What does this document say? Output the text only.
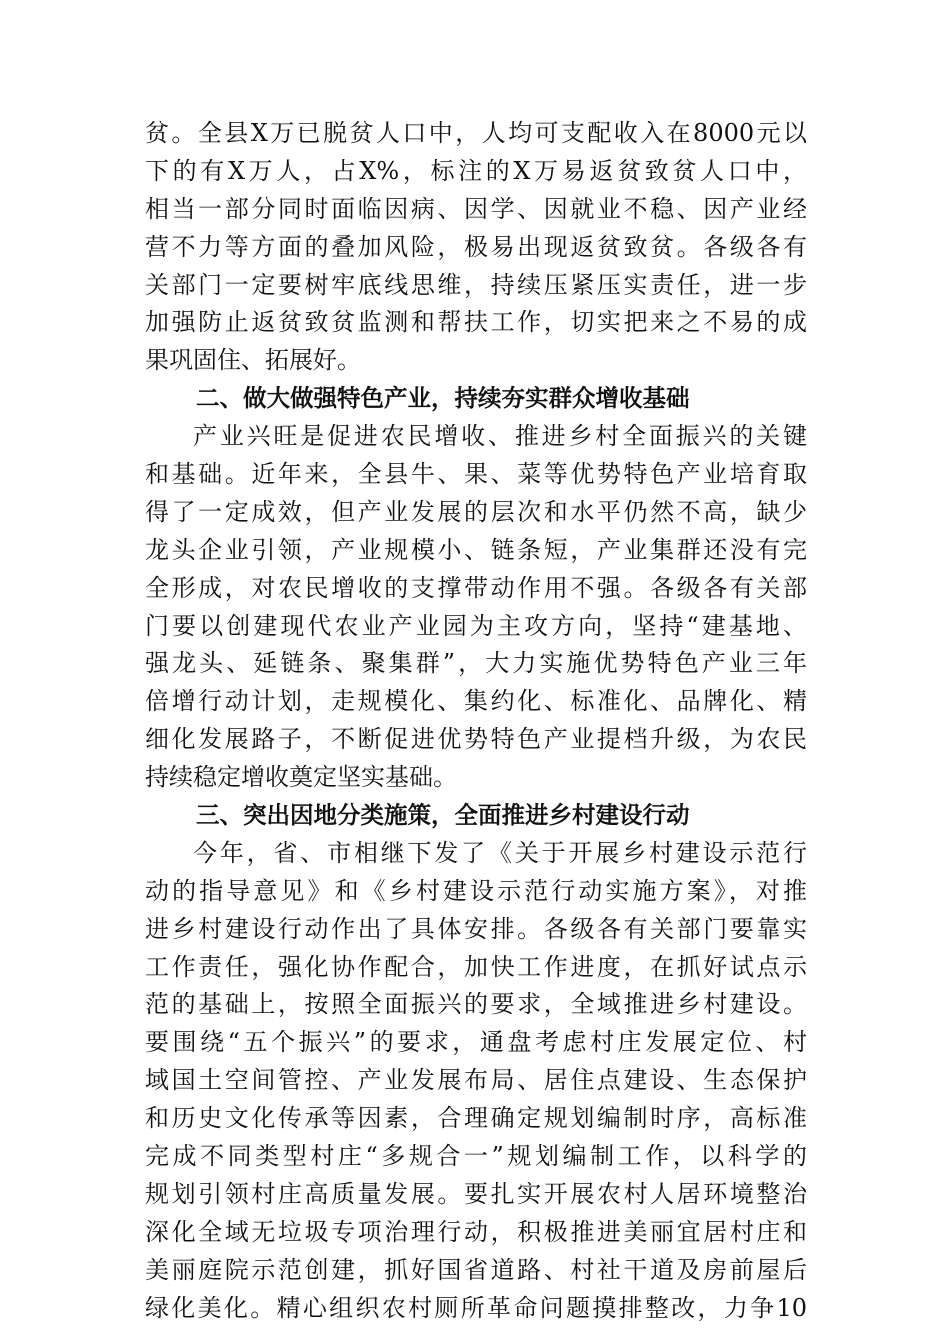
贫。全县X万已脱贫人口中，人均可支配收入在8000元以
下的有X万人，占X%，标注的X万易返贫致贫人口中，
相当一部分同时面临因病、因学、因就业不稳、因产业经
营不力等方面的叠加风险，极易出现返贫致贫。各级各有
关部门一定要树牢底线思维，持续压紧压实责任，进一步
加强防止返贫致贫监测和帮扶工作，切实把来之不易的成
果巩固住、拓展好。
二、做大做强特色产业，持续夯实群众增收基础
产业兴旺是促进农民增收、推进乡村全面振兴的关键
和基础。近年来，全县牛、果、菜等优势特色产业培育取
得了一定成效，但产业发展的层次和水平仍然不高，缺少
龙头企业引领，产业规模小、链条短，产业集群还没有完
全形成，对农民增收的支撑带动作用不强。各级各有关部
门要以创建现代农业产业园为主攻方向，坚持“建基地、
强龙头、延链条、聚集群”，大力实施优势特色产业三年
倍增行动计划，走规模化、集约化、标准化、品牌化、精
细化发展路子，不断促进优势特色产业提档升级，为农民
持续稳定增收奠定坚实基础。
三、突出因地分类施策，全面推进乡村建设行动
今年，省、市相继下发了《关于开展乡村建设示范行
动的指导意见》和《乡村建设示范行动实施方案》，对推
进乡村建设行动作出了具体安排。各级各有关部门要靠实
工作责任，强化协作配合，加快工作进度，在抓好试点示
范的基础上，按照全面振兴的要求，全域推进乡村建设。
要围绕“五个振兴”的要求，通盘考虑村庄发展定位、村
域国土空间管控、产业发展布局、居住点建设、生态保护
和历史文化传承等因素，合理确定规划编制时序，高标准
完成不同类型村庄“多规合一”规划编制工作，以科学的
规划引领村庄高质量发展。要扎实开展农村人居环境整治
深化全域无垃圾专项治理行动，积极推进美丽宜居村庄和
美丽庭院示范创建，抓好国省道路、村社干道及房前屋后
绿化美化。精心组织农村厕所革命问题摸排整改，力争10
